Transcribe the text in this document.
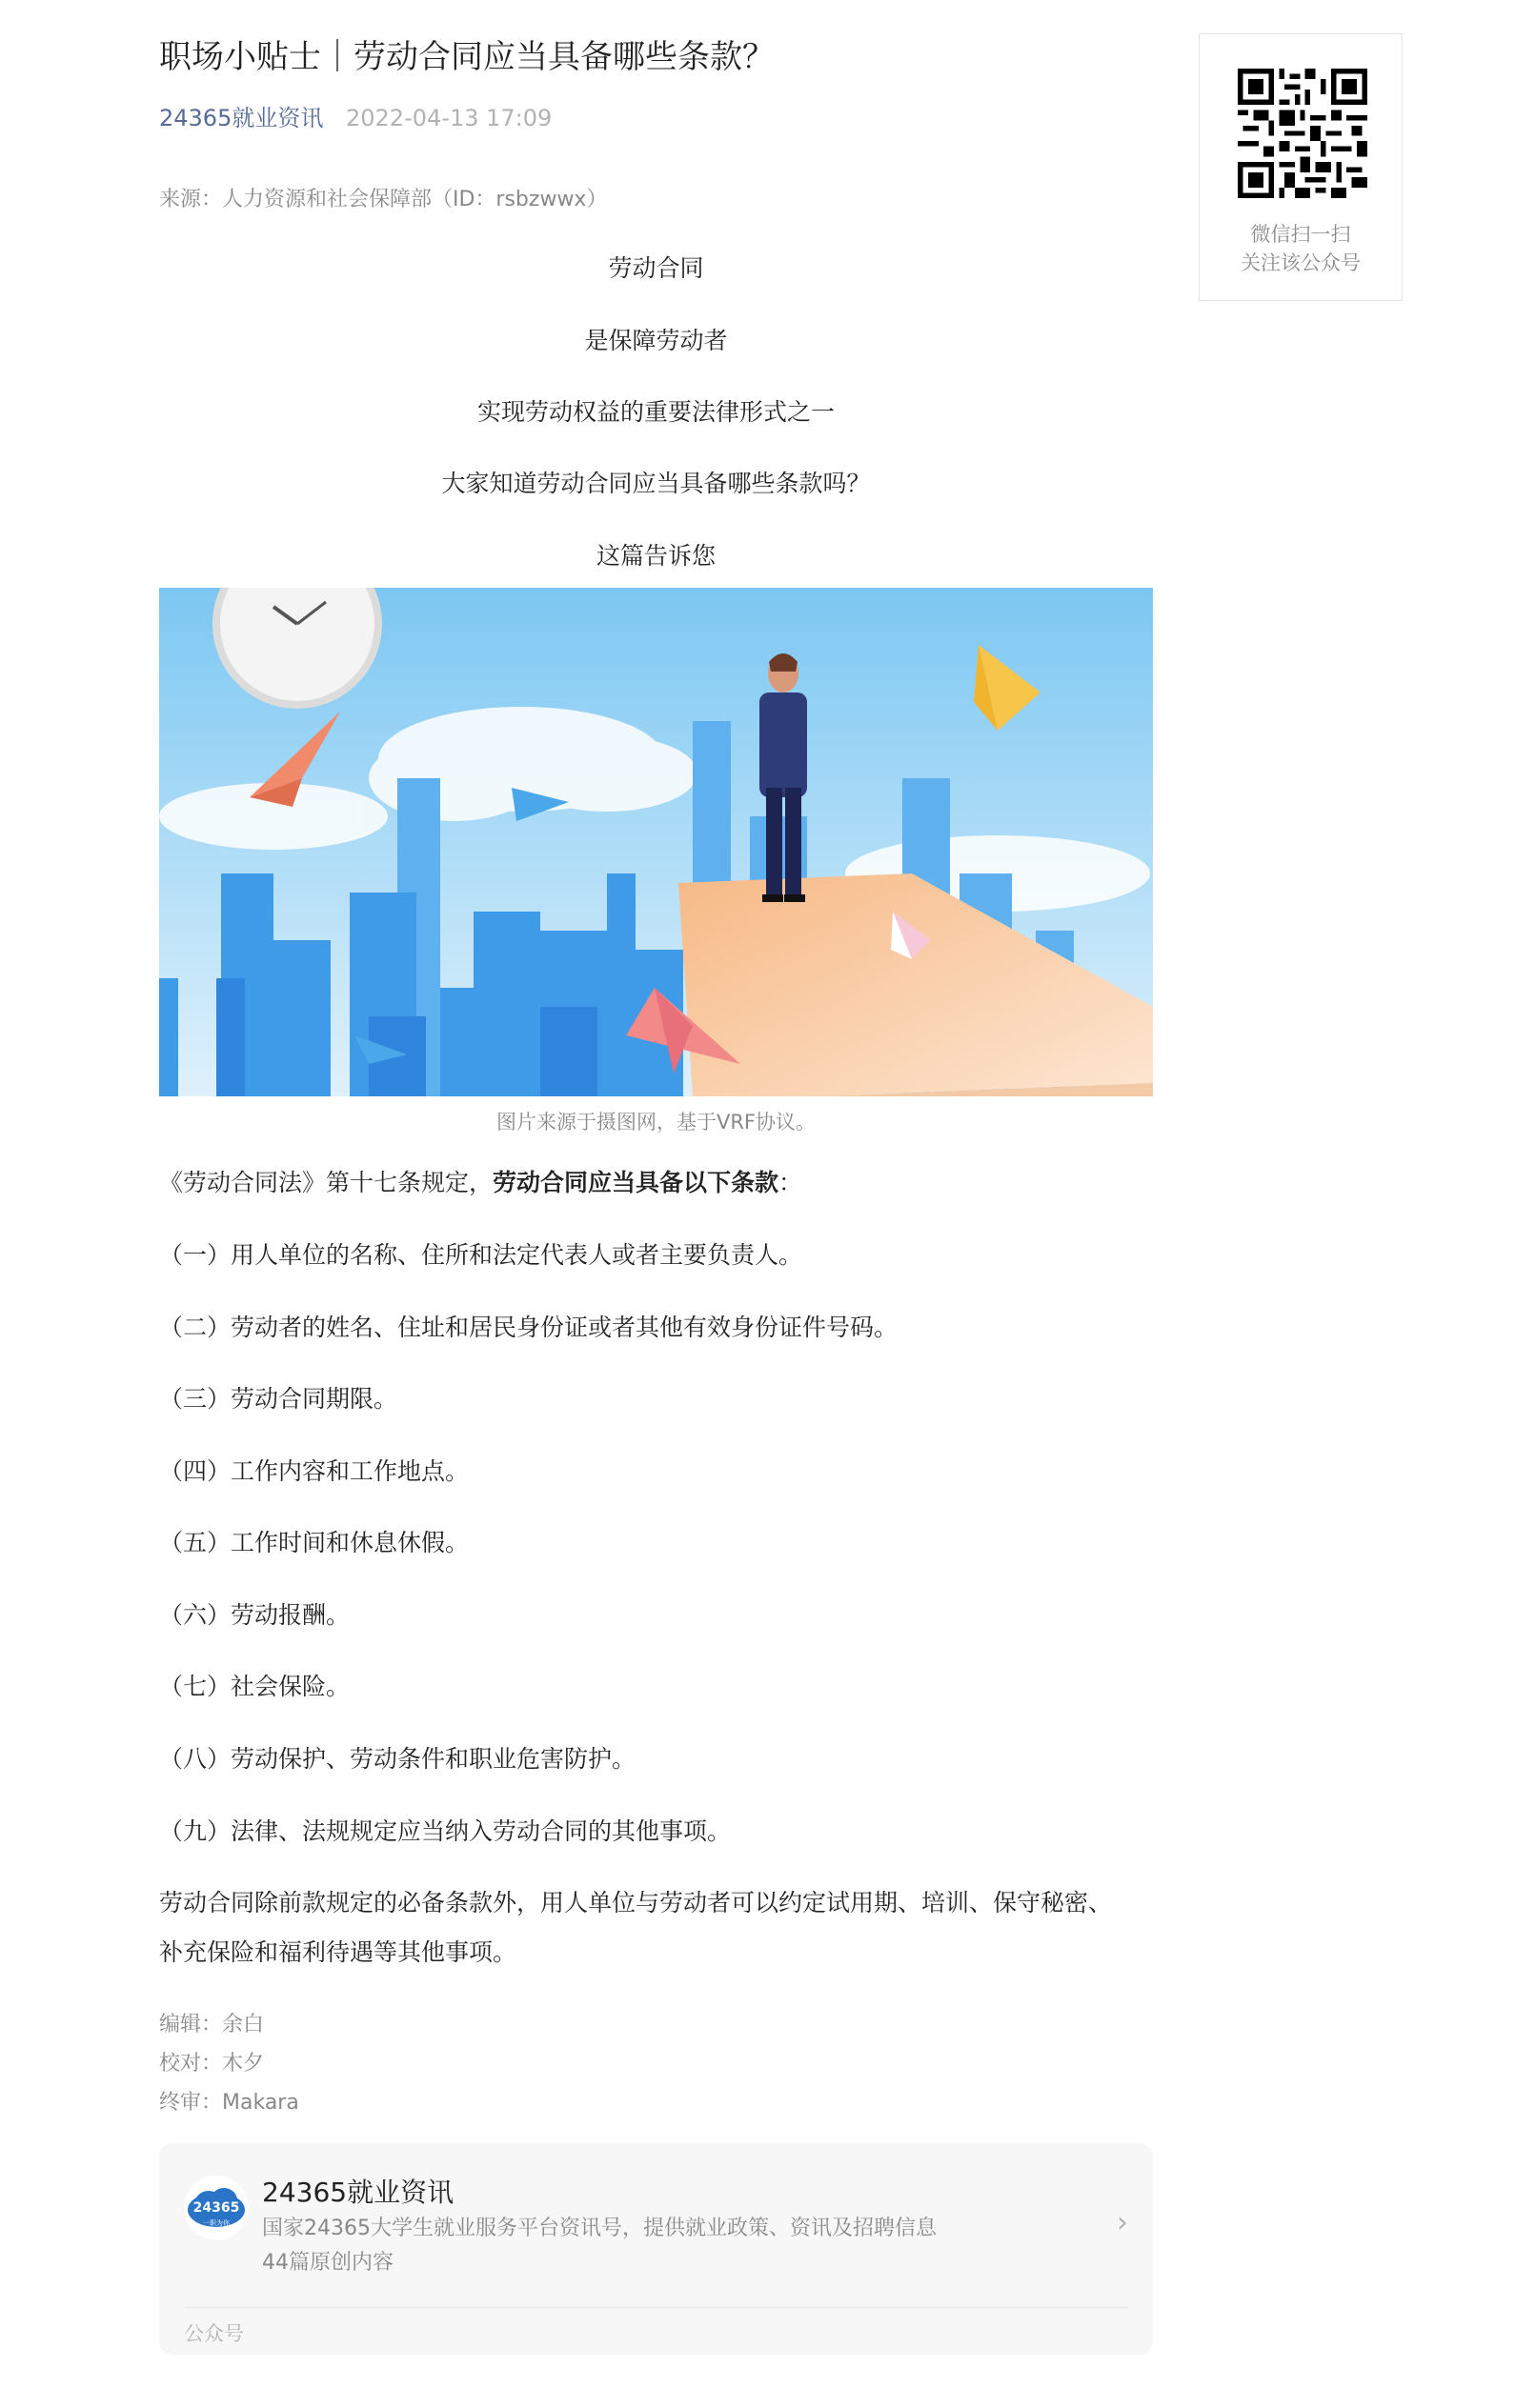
职场小贴士｜劳动合同应当具备哪些条款？
24365就业资讯 2022-04-13 17:09
来源：人力资源和社会保障部（ID：rsbzwwx）
劳动合同
是保障劳动者
实现劳动权益的重要法律形式之一
大家知道劳动合同应当具备哪些条款吗？
这篇告诉您
图片来源于摄图网，基于VRF协议。
《劳动合同法》第十七条规定，劳动合同应当具备以下条款：
（一）用人单位的名称、住所和法定代表人或者主要负责人。
（二）劳动者的姓名、住址和居民身份证或者其他有效身份证件号码。
（三）劳动合同期限。
（四）工作内容和工作地点。
（五）工作时间和休息休假。
（六）劳动报酬。
（七）社会保险。
（八）劳动保护、劳动条件和职业危害防护。
（九）法律、法规规定应当纳入劳动合同的其他事项。
劳动合同除前款规定的必备条款外，用人单位与劳动者可以约定试用期、培训、保守秘密、
补充保险和福利待遇等其他事项。
编辑：余白
校对：木夕
终审：Makara
24365
一职为你
24365就业资讯
国家24365大学生就业服务平台资讯号，提供就业政策、资讯及招聘信息
44篇原创内容
›
公众号
微信扫一扫
关注该公众号
